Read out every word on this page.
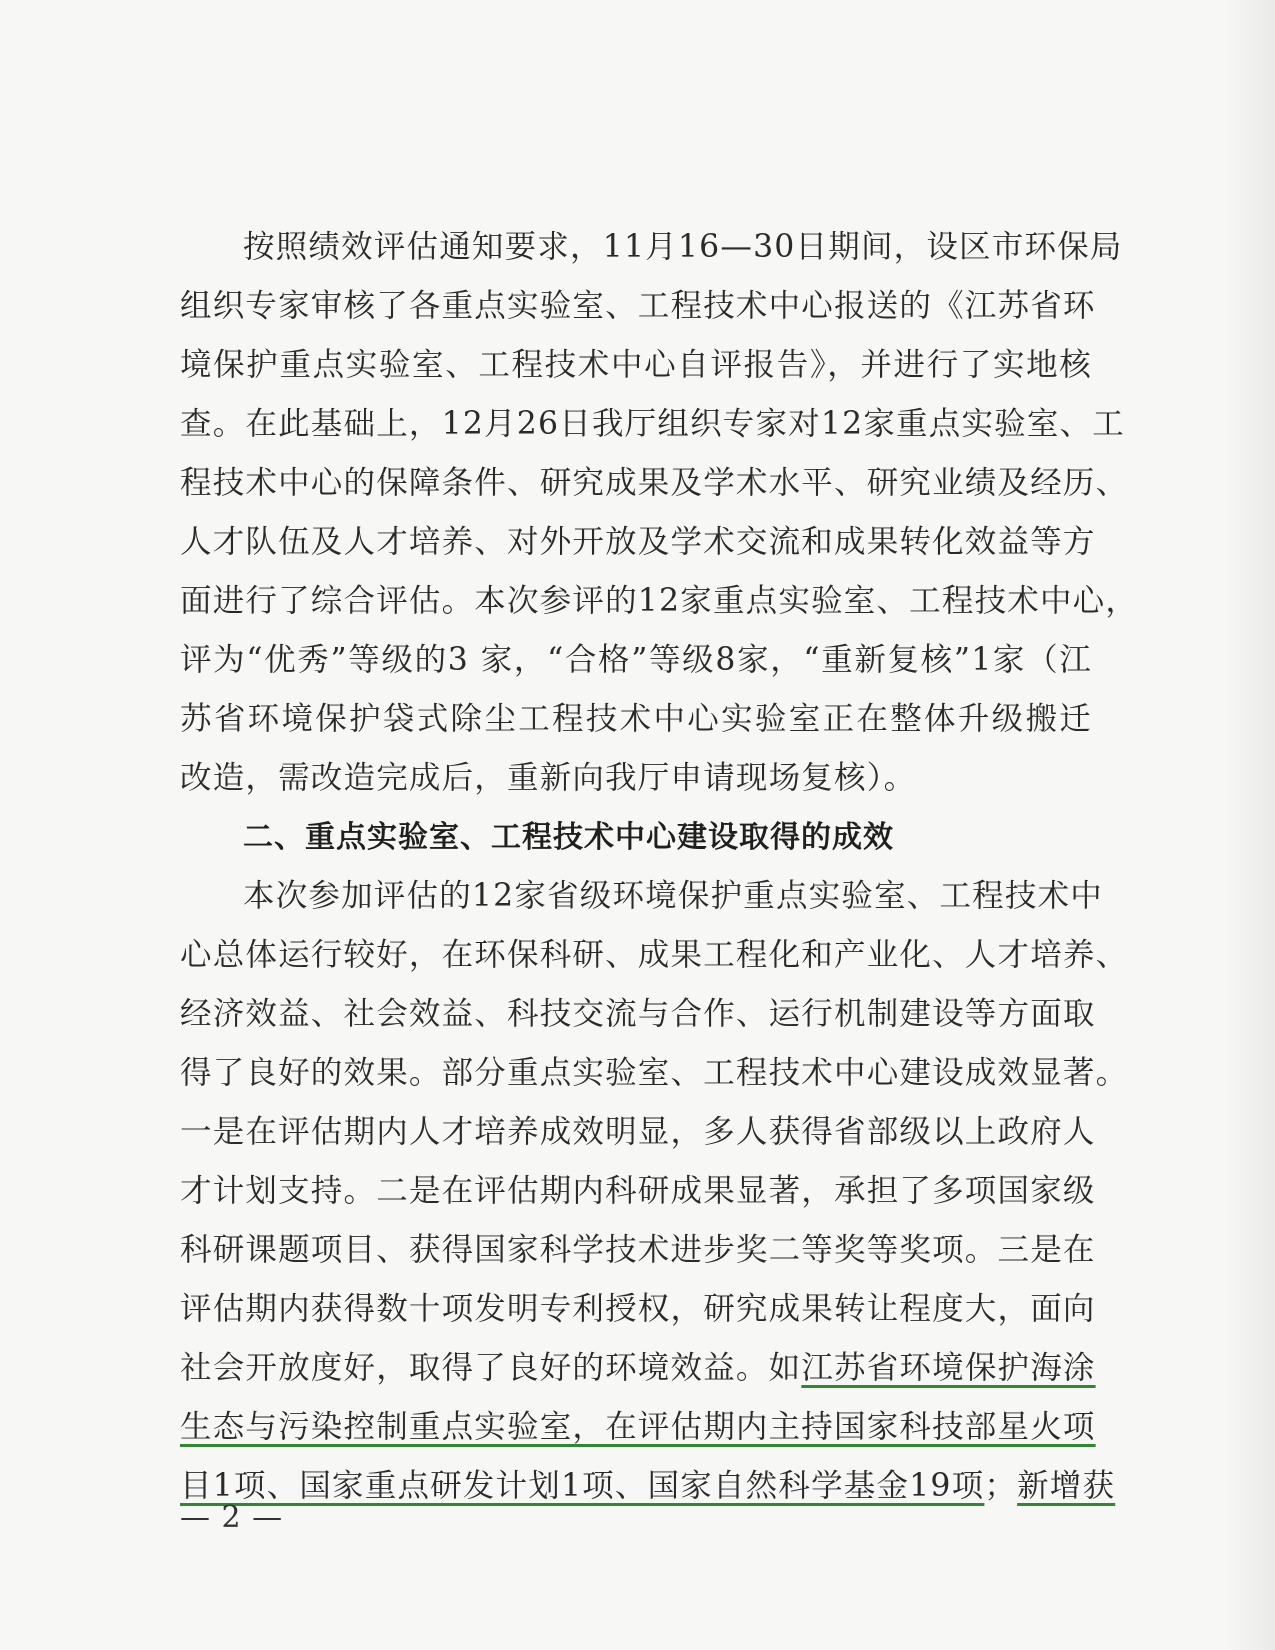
按照绩效评估通知要求，11月16—30日期间，设区市环保局
组织专家审核了各重点实验室、工程技术中心报送的《江苏省环
境保护重点实验室、工程技术中心自评报告》，并进行了实地核
查。在此基础上，12月26日我厅组织专家对12家重点实验室、工
程技术中心的保障条件、研究成果及学术水平、研究业绩及经历、
人才队伍及人才培养、对外开放及学术交流和成果转化效益等方
面进行了综合评估。本次参评的12家重点实验室、工程技术中心，
评为“优秀”等级的3 家，“合格”等级8家，“重新复核”1家（江
苏省环境保护袋式除尘工程技术中心实验室正在整体升级搬迁
改造，需改造完成后，重新向我厅申请现场复核）。
二、重点实验室、工程技术中心建设取得的成效
本次参加评估的12家省级环境保护重点实验室、工程技术中
心总体运行较好，在环保科研、成果工程化和产业化、人才培养、
经济效益、社会效益、科技交流与合作、运行机制建设等方面取
得了良好的效果。部分重点实验室、工程技术中心建设成效显著。
一是在评估期内人才培养成效明显，多人获得省部级以上政府人
才计划支持。二是在评估期内科研成果显著，承担了多项国家级
科研课题项目、获得国家科学技术进步奖二等奖等奖项。三是在
评估期内获得数十项发明专利授权，研究成果转让程度大，面向
社会开放度好，取得了良好的环境效益。如江苏省环境保护海涂
生态与污染控制重点实验室，在评估期内主持国家科技部星火项
目1项、国家重点研发计划1项、国家自然科学基金19项；新增获
— 2 —
